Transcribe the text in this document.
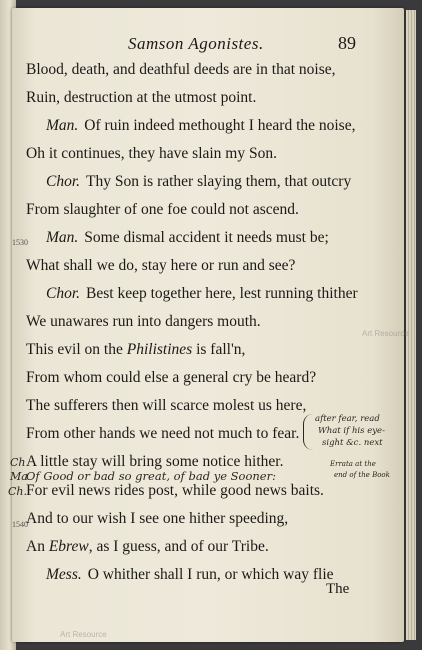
Samson Agonistes.	89
Blood, death, and deathful deeds are in that noise,
Ruin, destruction at the utmost point.
Man. Of ruin indeed methought I heard the noise,
Oh it continues, they have slain my Son.
Chor. Thy Son is rather slaying them, that outcry
From slaughter of one foe could not ascend.
Man. Some dismal accident it needs must be;
1530
What shall we do, stay here or run and see?
Chor. Best keep together here, lest running thither
We unawares run into dangers mouth.
This evil on the Philistines is fall'n,
From whom could else a general cry be heard?
The sufferers then will scarce molest us here,
From other hands we need not much to fear.
after fear, read
What if his eye-
sight &c. next
Errata at the
end of the Book
Ch A little stay will bring some notice hither.
Ma
Of Good or bad so great, of bad ye Sooner:
Ch. For evil news rides post, while good news baits.
1540
And to our wish I see one hither speeding,
An Ebrew, as I guess, and of our Tribe.
Mess. O whither shall I run, or which way flie
The
Art Resource
Art Resource
